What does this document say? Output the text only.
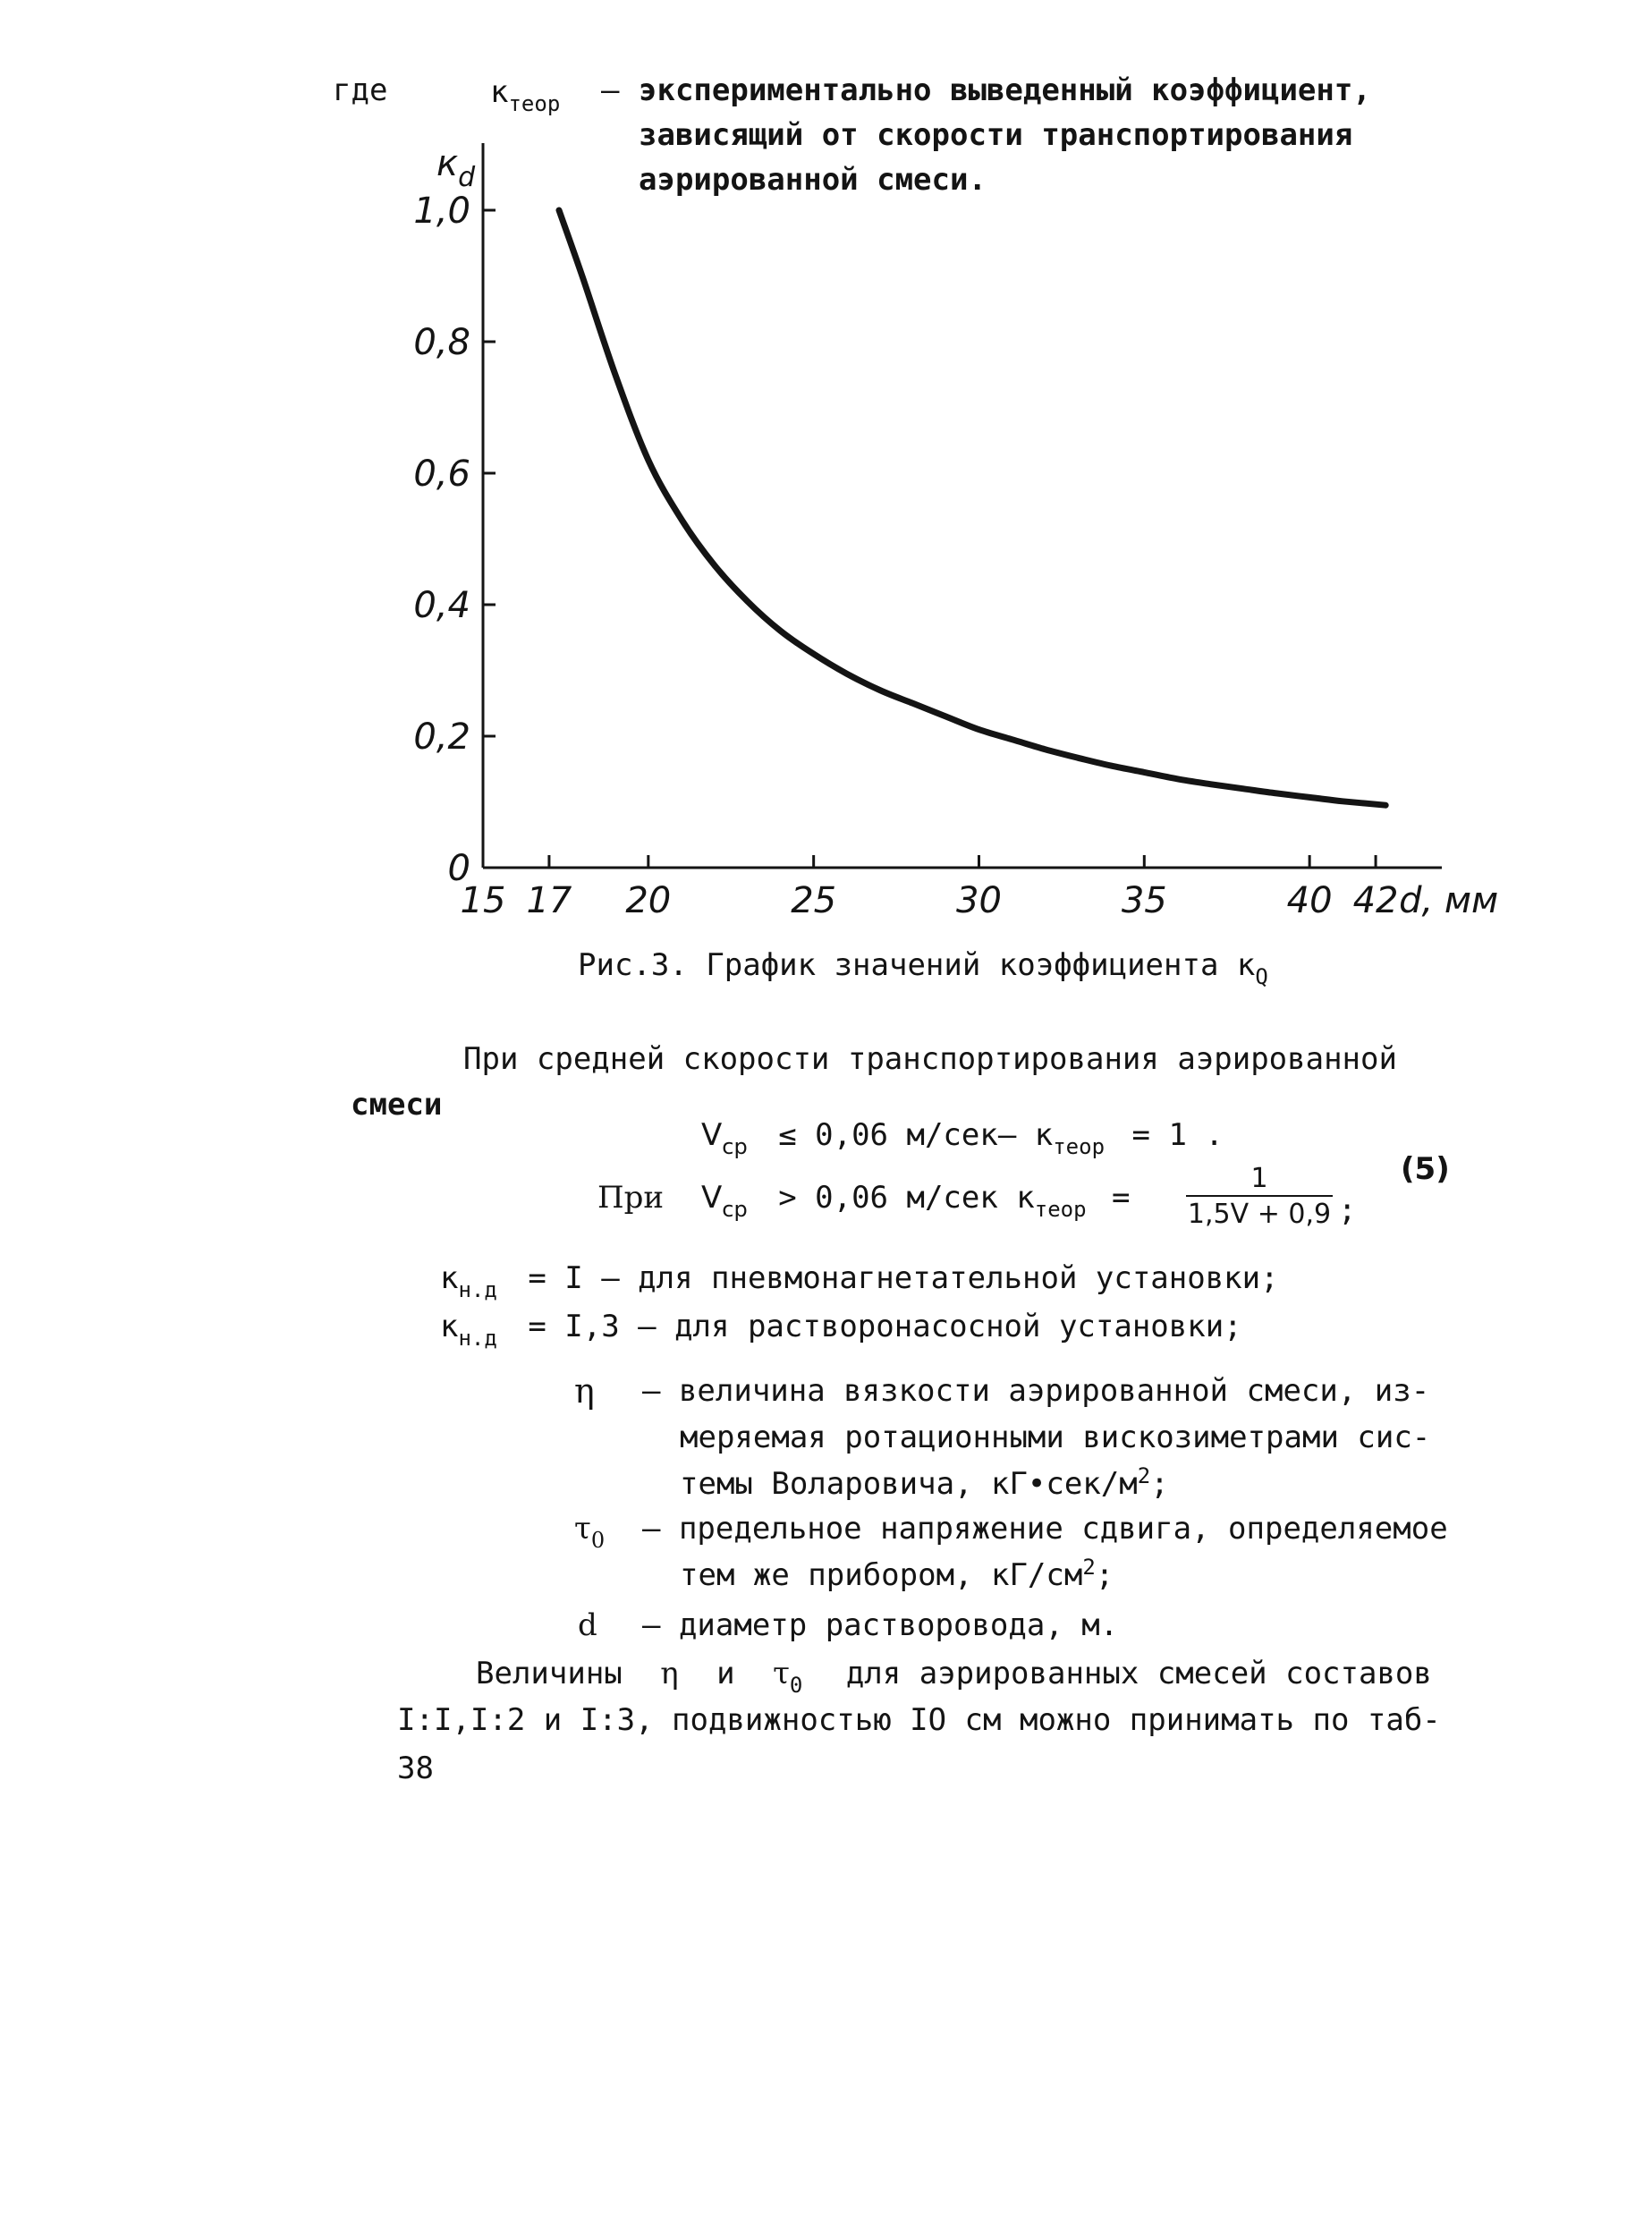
где	$к_{теор}$ – экспериментально выведенный коэффициент,
зависящий от скорости транспортирования
аэрированной смеси.
0
0,2
0,4
0,6
0,8
1,0
15 17 20	25	30	35	40 42 d, мм
$к_d$
Рис.3. График значений коэффициента $к_Q$
При средней скорости транспортирования аэрированной
смеси
$V_{ср} \le 0,06$ м/сек– $к_{теор} = 1$ .
При $V_{ср} > 0,06$ м/сек $к_{теор} = \frac{1}{1,5V + 0,9}$ ;
(5)
$к_{н.д} = I$ – для пневмонагнетательной установки;
$к_{н.д} = I,3$ – для растворонасосной установки;
η – величина вязкости аэрированной смеси, из-
меряемая ротационными вискозиметрами сис-
темы Воларовича, $кГ•сек/м^2$;
$\tau_0$ – предельное напряжение сдвига, определяемое
тем же прибором, $кГ/см^2$;
d – диаметр растворовода, м.
Величины η и $\tau_0$ для аэрированных смесей составов
I:I,I:2 и I:3, подвижностью IO см можно принимать по таб-
38
